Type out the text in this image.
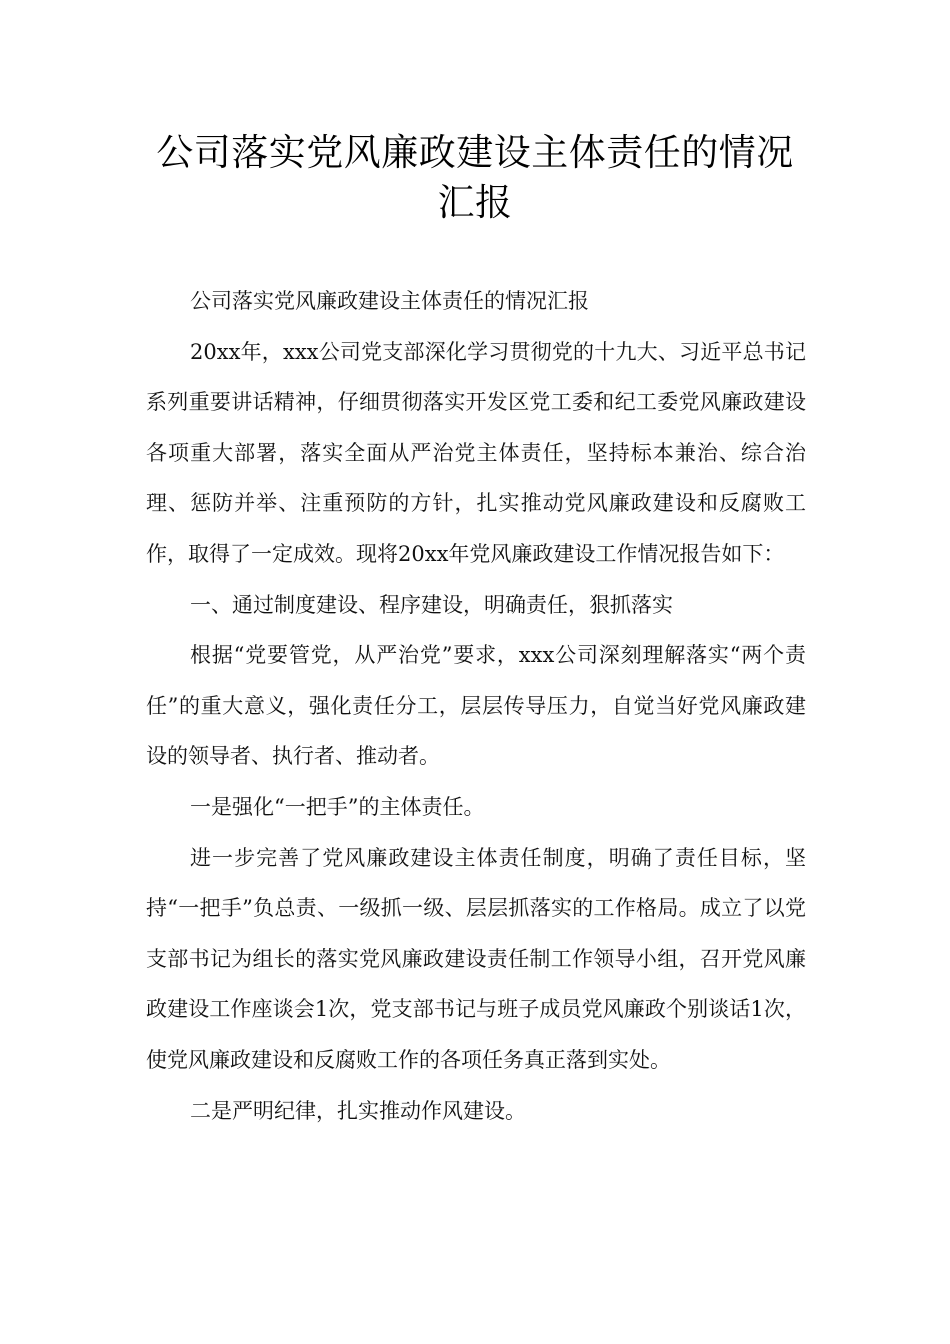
公司落实党风廉政建设主体责任的情况
汇报

公司落实党风廉政建设主体责任的情况汇报

20xx年，xxx公司党支部深化学习贯彻党的十九大、习近平总书记系列重要讲话精神，仔细贯彻落实开发区党工委和纪工委党风廉政建设各项重大部署，落实全面从严治党主体责任，坚持标本兼治、综合治理、惩防并举、注重预防的方针，扎实推动党风廉政建设和反腐败工作，取得了一定成效。现将20xx年党风廉政建设工作情况报告如下：

一、通过制度建设、程序建设，明确责任，狠抓落实

根据“党要管党，从严治党”要求，xxx公司深刻理解落实“两个责任”的重大意义，强化责任分工，层层传导压力，自觉当好党风廉政建设的领导者、执行者、推动者。

一是强化“一把手”的主体责任。

进一步完善了党风廉政建设主体责任制度，明确了责任目标，坚持“一把手”负总责、一级抓一级、层层抓落实的工作格局。成立了以党支部书记为组长的落实党风廉政建设责任制工作领导小组，召开党风廉政建设工作座谈会1次，党支部书记与班子成员党风廉政个别谈话1次，使党风廉政建设和反腐败工作的各项任务真正落到实处。

二是严明纪律，扎实推动作风建设。
